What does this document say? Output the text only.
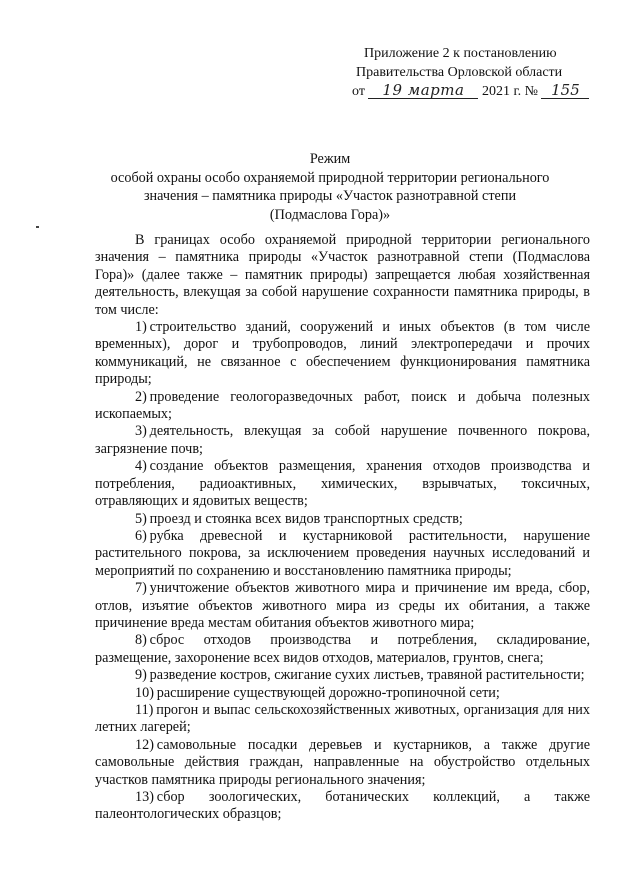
Приложение 2 к постановлению
Правительства Орловской области
от 19 марта 2021 г. № 155
Режим
особой охраны особо охраняемой природной территории регионального
значения – памятника природы «Участок разнотравной степи
(Подмаслова Гора)»

В границах особо охраняемой природной территории регионального значения – памятника природы «Участок разнотравной степи (Подмаслова Гора)» (далее также – памятник природы) запрещается любая хозяйственная деятельность, влекущая за собой нарушение сохранности памятника природы, в том числе:

1)  строительство зданий, сооружений и иных объектов (в том числе временных), дорог и трубопроводов, линий электропередачи и прочих коммуникаций, не связанное с обеспечением функционирования памятника природы;

2)  проведение геологоразведочных работ, поиск и добыча полезных ископаемых;

3)  деятельность, влекущая за собой нарушение почвенного покрова, загрязнение почв;

4)  создание объектов размещения, хранения отходов производства и потребления, радиоактивных, химических, взрывчатых, токсичных, отравляющих и ядовитых веществ;

5)  проезд и стоянка всех видов транспортных средств;

6)  рубка древесной и кустарниковой растительности, нарушение растительного покрова, за исключением проведения научных исследований и мероприятий по сохранению и восстановлению памятника природы;

7)  уничтожение объектов животного мира и причинение им вреда, сбор, отлов, изъятие объектов животного мира из среды их обитания, а также причинение вреда местам обитания объектов животного мира;

8)  сброс отходов производства и потребления, складирование, размещение, захоронение всех видов отходов, материалов, грунтов, снега;

9)  разведение костров, сжигание сухих листьев, травяной растительности;

10)  расширение существующей дорожно-тропиночной сети;

11)  прогон и выпас сельскохозяйственных животных, организация для них летних лагерей;

12)  самовольные посадки деревьев и кустарников, а также другие самовольные действия граждан, направленные на обустройство отдельных участков памятника природы регионального значения;

13)  сбор зоологических, ботанических коллекций, а также палеонтологических образцов;
